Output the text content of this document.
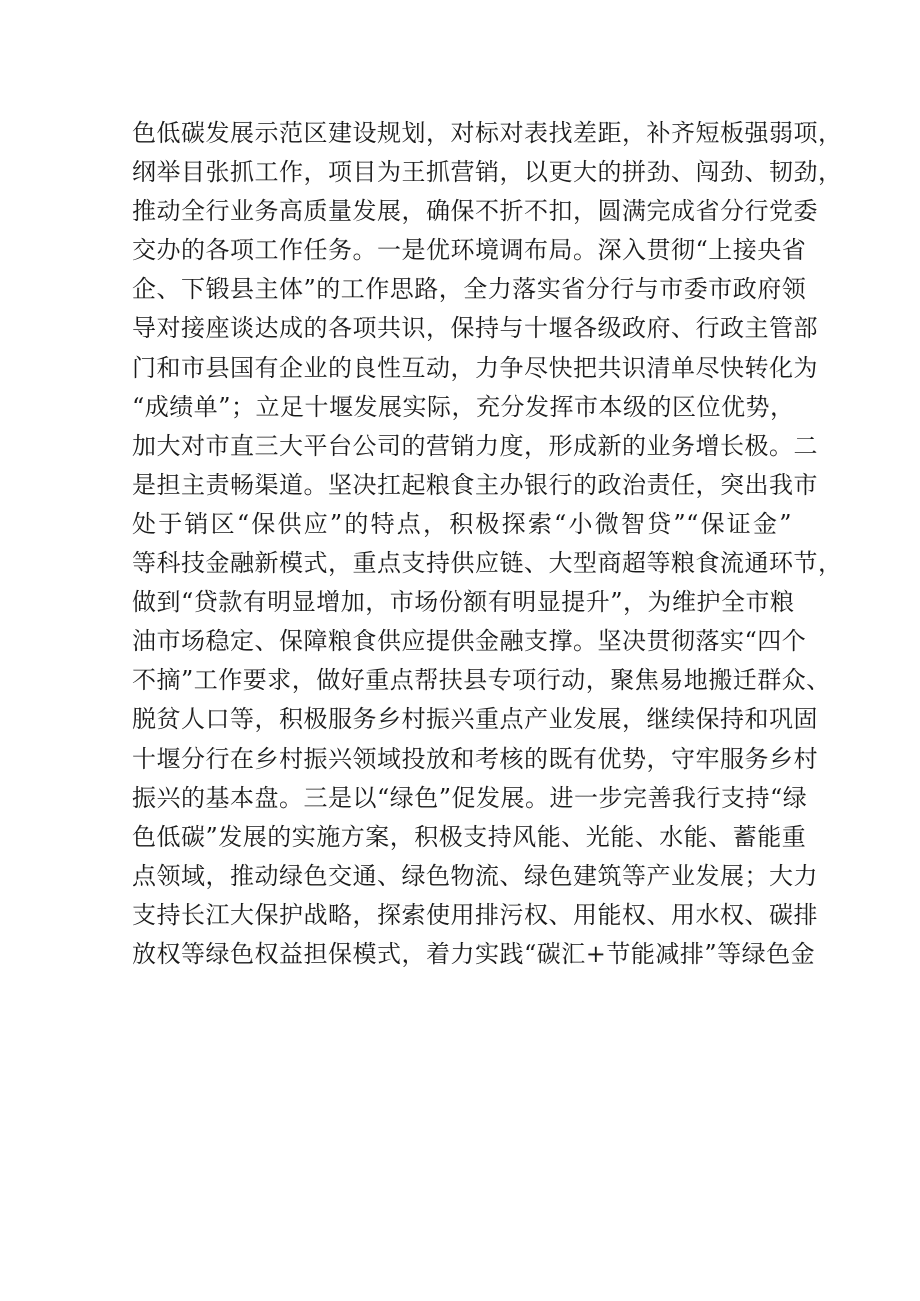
色低碳发展示范区建设规划，对标对表找差距，补齐短板强弱项，
纲举目张抓工作，项目为王抓营销，以更大的拼劲、闯劲、韧劲，
推动全行业务高质量发展，确保不折不扣，圆满完成省分行党委
交办的各项工作任务。一是优环境调布局。深入贯彻“上接央省
企、下锻县主体”的工作思路，全力落实省分行与市委市政府领
导对接座谈达成的各项共识，保持与十堰各级政府、行政主管部
门和市县国有企业的良性互动，力争尽快把共识清单尽快转化为
“成绩单”；立足十堰发展实际，充分发挥市本级的区位优势，
加大对市直三大平台公司的营销力度，形成新的业务增长极。二
是担主责畅渠道。坚决扛起粮食主办银行的政治责任，突出我市
处于销区“保供应”的特点，积极探索“小微智贷”“保证金”
等科技金融新模式，重点支持供应链、大型商超等粮食流通环节，
做到“贷款有明显增加，市场份额有明显提升”，为维护全市粮
油市场稳定、保障粮食供应提供金融支撑。坚决贯彻落实“四个
不摘”工作要求，做好重点帮扶县专项行动，聚焦易地搬迁群众、
脱贫人口等，积极服务乡村振兴重点产业发展，继续保持和巩固
十堰分行在乡村振兴领域投放和考核的既有优势，守牢服务乡村
振兴的基本盘。三是以“绿色”促发展。进一步完善我行支持“绿
色低碳”发展的实施方案，积极支持风能、光能、水能、蓄能重
点领域，推动绿色交通、绿色物流、绿色建筑等产业发展；大力
支持长江大保护战略，探索使用排污权、用能权、用水权、碳排
放权等绿色权益担保模式，着力实践“碳汇+节能减排”等绿色金
